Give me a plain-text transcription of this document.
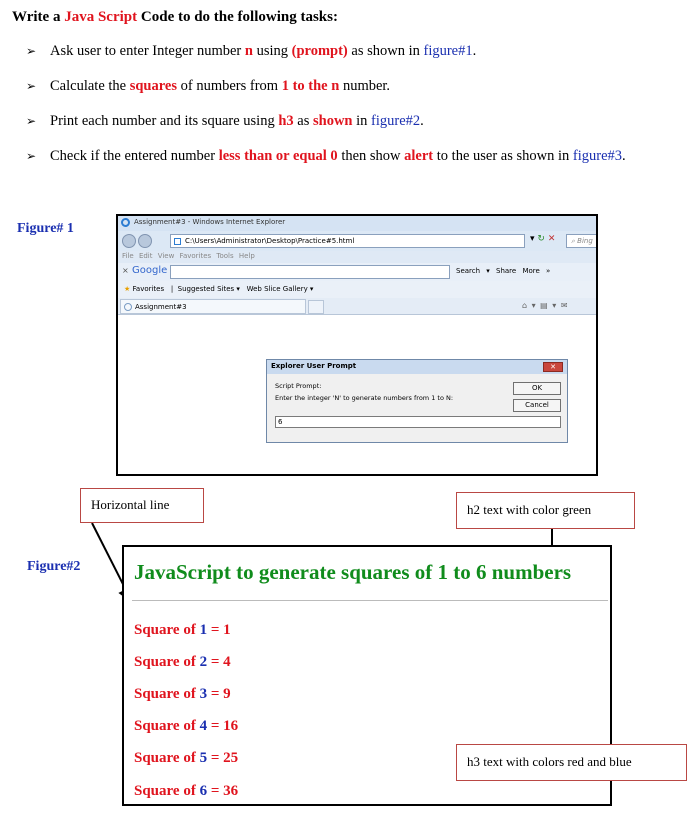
Write a Java Script Code to do the following tasks:
➢ Ask user to enter Integer number n using (prompt) as shown in figure#1.
➢ Calculate the squares of numbers from 1 to the n number.
➢ Print each number and its square using h3 as shown in figure#2.
➢ Check if the entered number less than or equal 0 then show alert to the user as shown in figure#3.
Figure# 1	Assignment#3 - Windows Internet Explorer
C:\Users\Administrator\Desktop\Practice#5.html	▾ ↻ ✕	⌕ Bing
File Edit View Favorites Tools Help
× Google	Search ▾ Share More »
★ Favorites   |  Suggested Sites ▾ Web Slice Gallery ▾
Assignment#3	⌂ ▾ ▤ ▾ ✉
Explorer User Prompt	✕
Script Prompt:
Enter the integer 'N' to generate numbers from 1 to N:
OK
Cancel
6
Horizontal line	h2 text with color green
Figure#2	JavaScript to generate squares of 1 to 6 numbers
Square of 1 = 1
Square of 2 = 4
Square of 3 = 9
Square of 4 = 16
Square of 5 = 25
Square of 6 = 36
h3 text with colors red and blue
